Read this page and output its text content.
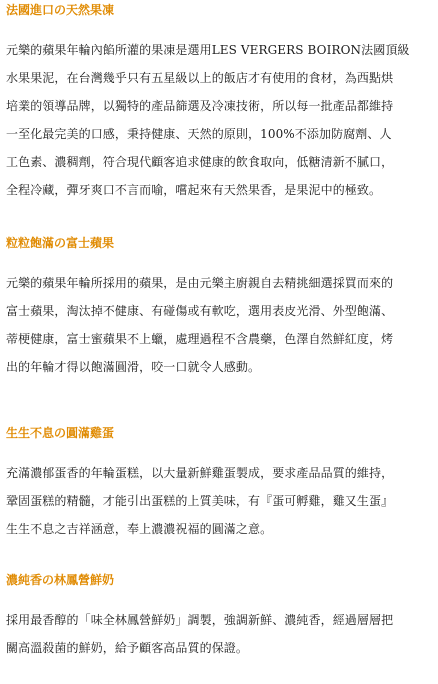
法國進口の天然果凍
元樂的蘋果年輪內餡所灌的果凍是選用LES VERGERS BOIRON法國頂級
水果果泥，在台灣幾乎只有五星級以上的飯店才有使用的食材，為西點烘
培業的領導品牌，以獨特的產品篩選及冷凍技術，所以每一批產品都維持
一至化最完美的口感，秉持健康、天然的原則，100%不添加防腐劑、人
工色素、濃稠劑，符合現代顧客追求健康的飲食取向，低糖清新不膩口，
全程冷藏，彈牙爽口不言而喻，嚐起來有天然果香，是果泥中的極致。
粒粒飽滿の富士蘋果
元樂的蘋果年輪所採用的蘋果，是由元樂主廚親自去精挑細選採買而來的
富士蘋果，淘汰掉不健康、有碰傷或有軟吃，選用表皮光滑、外型飽滿、
蒂梗健康，富士蜜蘋果不上蠟，處理過程不含農藥，色澤自然鮮紅度，烤
出的年輪才得以飽滿圓滑，咬一口就令人感動。
生生不息の圓滿雞蛋
充滿濃郁蛋香的年輪蛋糕，以大量新鮮雞蛋製成，要求產品品質的維持，
鞏固蛋糕的精髓，才能引出蛋糕的上質美味，有『蛋可孵雞，雞又生蛋』
生生不息之吉祥涵意，奉上濃濃祝福的圓滿之意。
濃純香の林鳳營鮮奶
採用最香醇的「味全林鳳營鮮奶」調製，強調新鮮、濃純香，經過層層把
關高溫殺菌的鮮奶，給予顧客高品質的保證。
